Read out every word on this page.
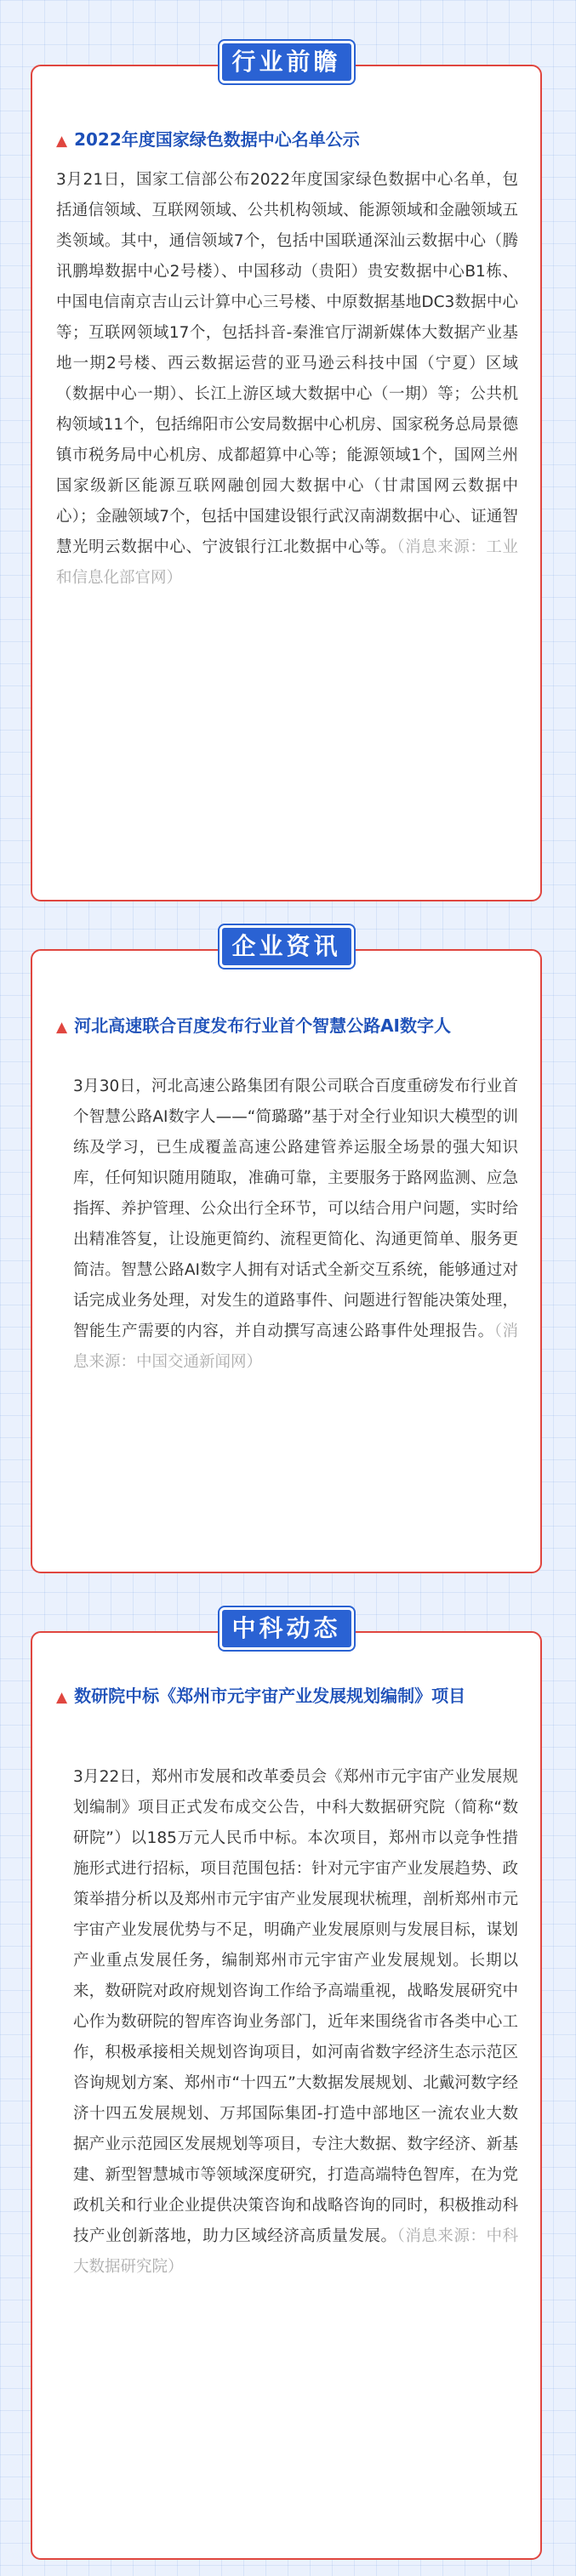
行业前瞻
▲ 2022年度国家绿色数据中心名单公示
3月21日，国家工信部公布2022年度国家绿色数据中心名单，包括通信领域、互联网领域、公共机构领域、能源领域和金融领域五类领域。其中，通信领域7个，包括中国联通深汕云数据中心（腾讯鹏埠数据中心2号楼）、中国移动（贵阳）贵安数据中心B1栋、中国电信南京吉山云计算中心三号楼、中原数据基地DC3数据中心等；互联网领域17个，包括抖音-秦淮官厅湖新媒体大数据产业基地一期2号楼、西云数据运营的亚马逊云科技中国（宁夏）区域（数据中心一期）、长江上游区域大数据中心（一期）等；公共机构领域11个，包括绵阳市公安局数据中心机房、国家税务总局景德镇市税务局中心机房、成都超算中心等；能源领域1个，国网兰州国家级新区能源互联网融创园大数据中心（甘肃国网云数据中心）；金融领域7个，包括中国建设银行武汉南湖数据中心、证通智慧光明云数据中心、宁波银行江北数据中心等。（消息来源：工业和信息化部官网）
企业资讯
▲ 河北高速联合百度发布行业首个智慧公路AI数字人
3月30日，河北高速公路集团有限公司联合百度重磅发布行业首个智慧公路AI数字人——“简璐璐”基于对全行业知识大模型的训练及学习，已生成覆盖高速公路建管养运服全场景的强大知识库，任何知识随用随取，准确可靠，主要服务于路网监测、应急指挥、养护管理、公众出行全环节，可以结合用户问题，实时给出精准答复，让设施更简约、流程更简化、沟通更简单、服务更简洁。智慧公路AI数字人拥有对话式全新交互系统，能够通过对话完成业务处理，对发生的道路事件、问题进行智能决策处理，智能生产需要的内容，并自动撰写高速公路事件处理报告。（消息来源：中国交通新闻网）
中科动态
▲ 数研院中标《郑州市元宇宙产业发展规划编制》项目
3月22日，郑州市发展和改革委员会《郑州市元宇宙产业发展规划编制》项目正式发布成交公告，中科大数据研究院（简称“数研院”）以185万元人民币中标。本次项目，郑州市以竞争性措施形式进行招标，项目范围包括：针对元宇宙产业发展趋势、政策举措分析以及郑州市元宇宙产业发展现状梳理，剖析郑州市元宇宙产业发展优势与不足，明确产业发展原则与发展目标，谋划产业重点发展任务，编制郑州市元宇宙产业发展规划。长期以来，数研院对政府规划咨询工作给予高端重视，战略发展研究中心作为数研院的智库咨询业务部门，近年来围绕省市各类中心工作，积极承接相关规划咨询项目，如河南省数字经济生态示范区咨询规划方案、郑州市“十四五”大数据发展规划、北戴河数字经济十四五发展规划、万邦国际集团-打造中部地区一流农业大数据产业示范园区发展规划等项目，专注大数据、数字经济、新基建、新型智慧城市等领域深度研究，打造高端特色智库，在为党政机关和行业企业提供决策咨询和战略咨询的同时，积极推动科技产业创新落地，助力区域经济高质量发展。（消息来源：中科大数据研究院）
